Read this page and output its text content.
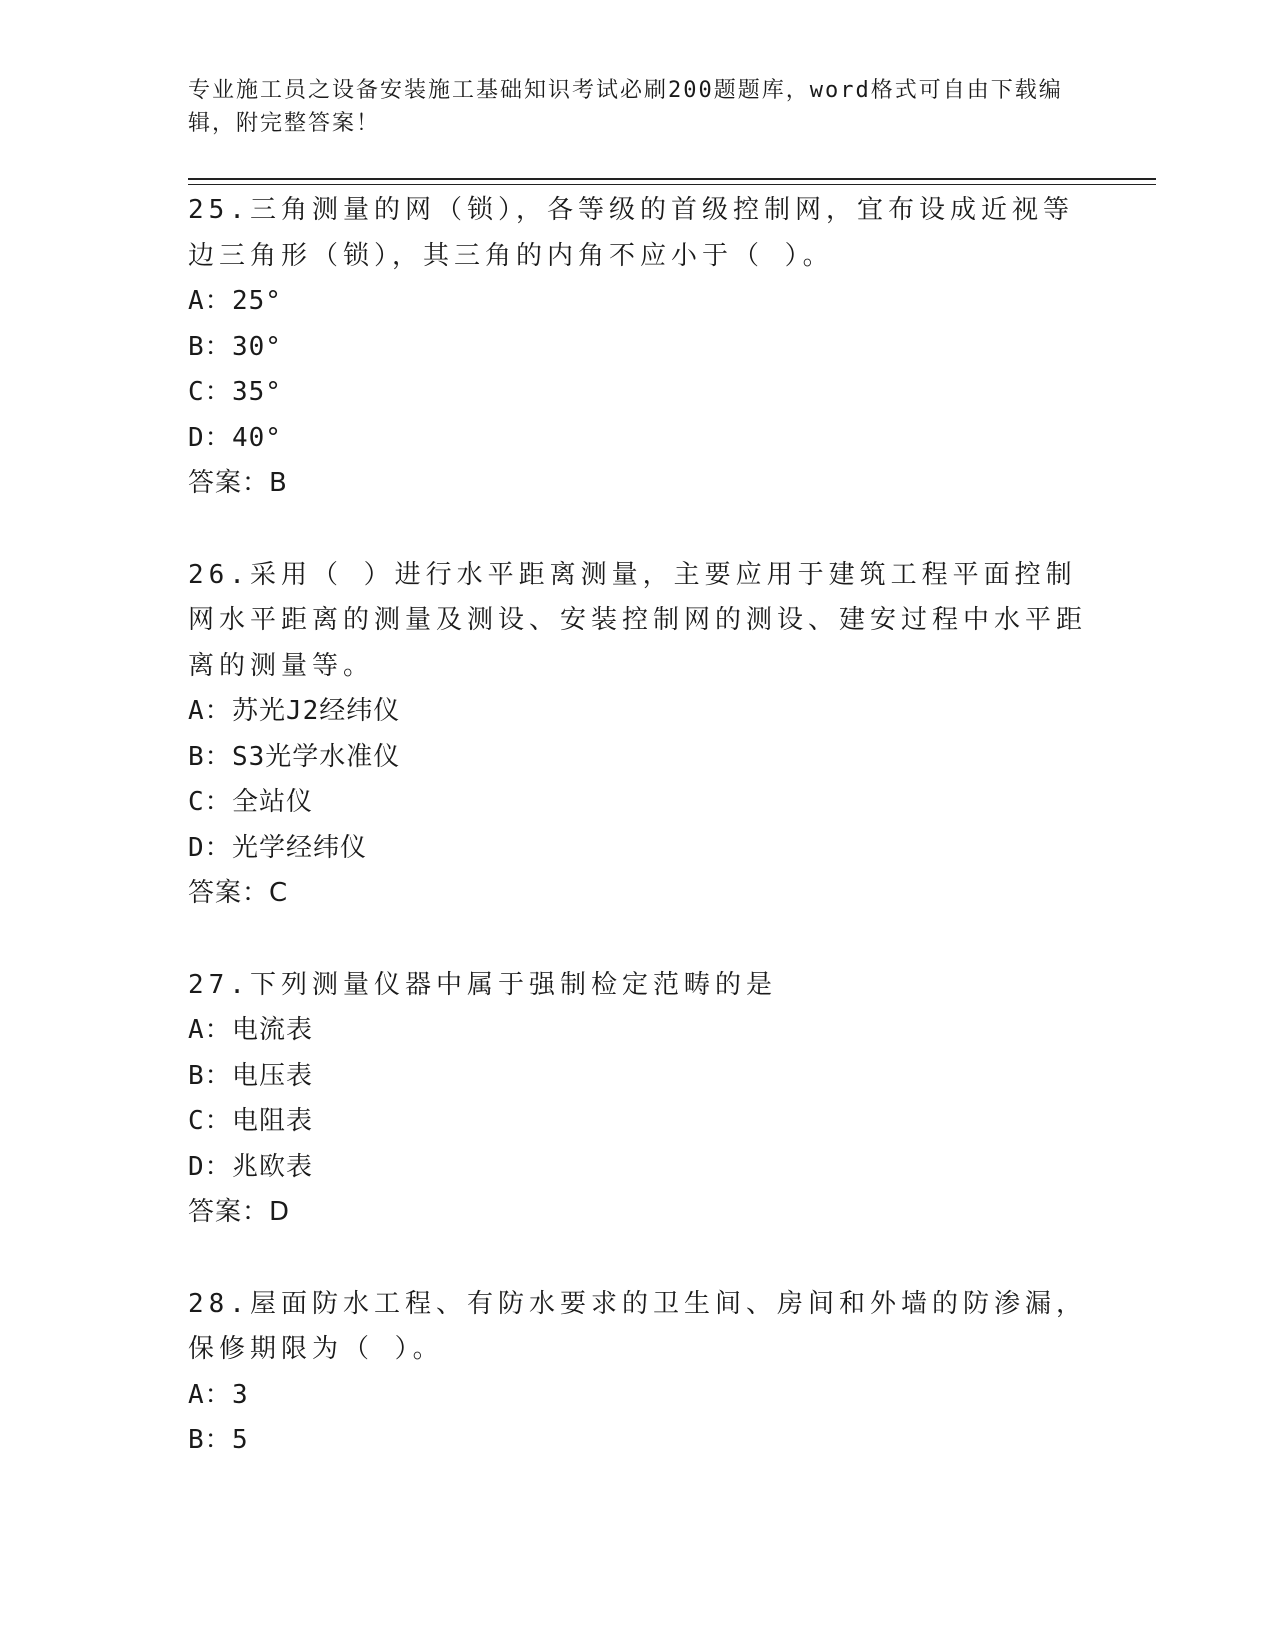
专业施工员之设备安装施工基础知识考试必刷200题题库，word格式可自由下载编辑，附完整答案！
25.三角测量的网（锁），各等级的首级控制网，宜布设成近视等边三角形（锁），其三角的内角不应小于（ ）。
A：25°
B：30°
C：35°
D：40°
答案：B
26.采用（ ）进行水平距离测量，主要应用于建筑工程平面控制网水平距离的测量及测设、安装控制网的测设、建安过程中水平距离的测量等。
A：苏光J2经纬仪
B：S3光学水准仪
C：全站仪
D：光学经纬仪
答案：C
27.下列测量仪器中属于强制检定范畴的是
A：电流表
B：电压表
C：电阻表
D：兆欧表
答案：D
28.屋面防水工程、有防水要求的卫生间、房间和外墙的防渗漏，保修期限为（ ）。
A：3
B：5
